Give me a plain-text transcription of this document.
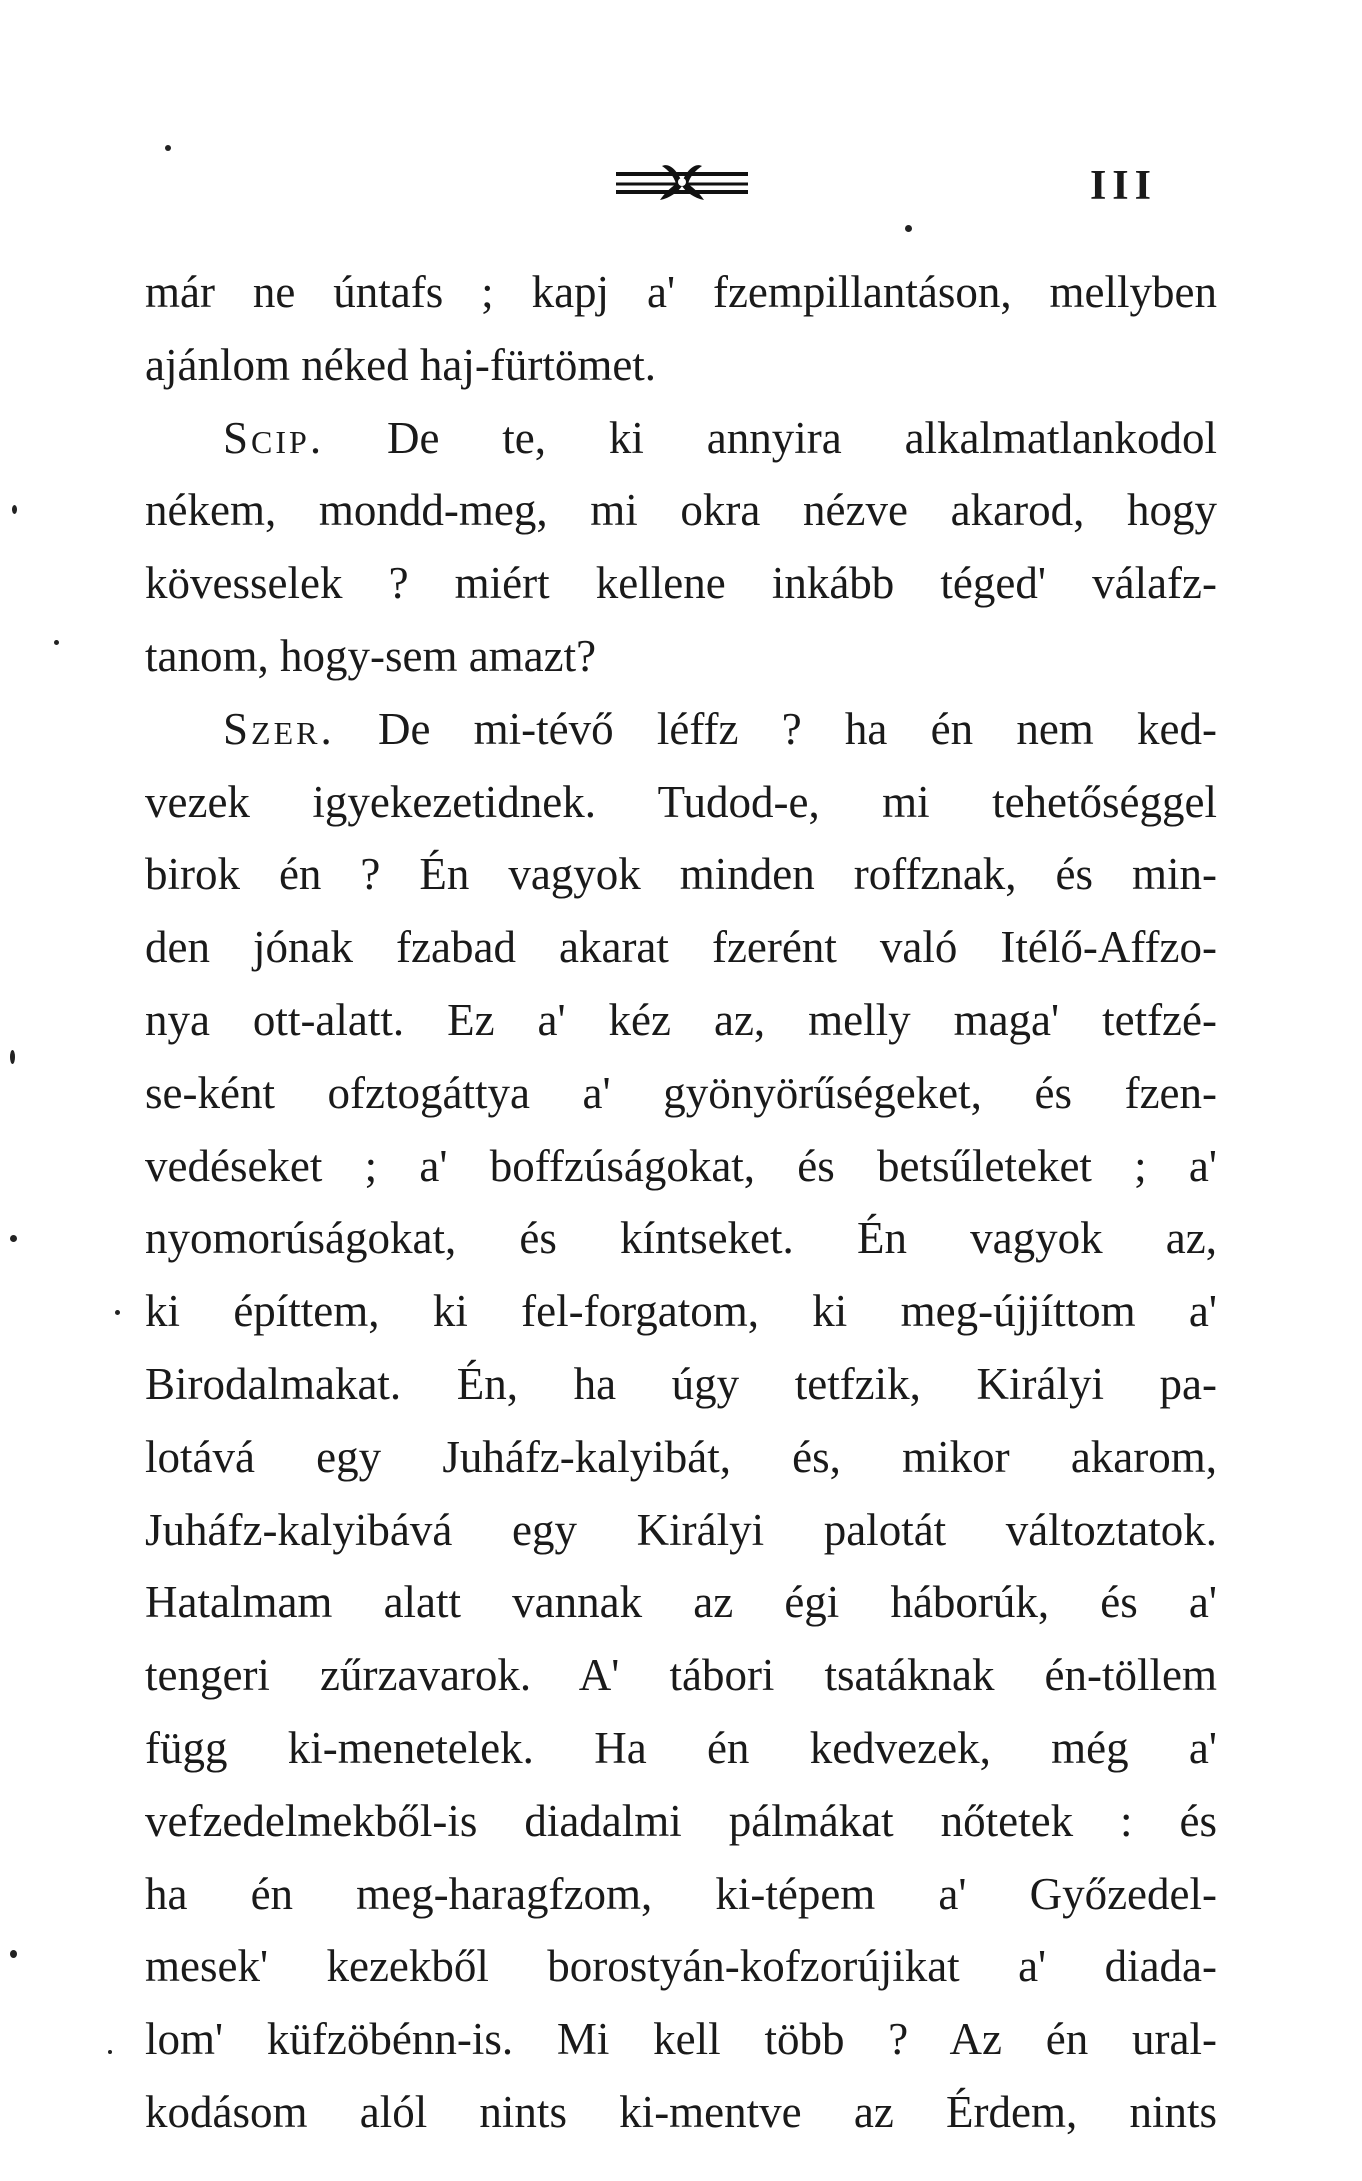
III
már ne úntafs ; kapj a' fzempillantáson, mellyben
ajánlom néked haj-fürtömet.
Scip. De te, ki annyira alkalmatlankodol
nékem, mondd-meg, mi okra nézve akarod, hogy
kövesselek ? miért kellene inkább téged' válafz-
tanom, hogy-sem amazt?
Szer. De mi-tévő léffz ? ha én nem ked-
vezek igyekezetidnek. Tudod-e, mi tehetőséggel
birok én ? Én vagyok minden roffznak, és min-
den jónak fzabad akarat fzerént való Itélő-Affzo-
nya ott-alatt. Ez a' kéz az, melly maga' tetfzé-
se-ként ofztogáttya a' gyönyörűségeket, és fzen-
vedéseket ; a' boffzúságokat, és betsűleteket ; a'
nyomorúságokat, és kíntseket. Én vagyok az,
ki építtem, ki fel-forgatom, ki meg-újjíttom a'
Birodalmakat. Én, ha úgy tetfzik, Királyi pa-
lotává egy Juháfz-kalyibát, és, mikor akarom,
Juháfz-kalyibává egy Királyi palotát változtatok.
Hatalmam alatt vannak az égi háborúk, és a'
tengeri zűrzavarok. A' tábori tsatáknak én-töllem
függ ki-menetelek. Ha én kedvezek, még a'
vefzedelmekből-is diadalmi pálmákat nőtetek : és
ha én meg-haragfzom, ki-tépem a' Győzedel-
mesek' kezekből borostyán-kofzorújikat a' diada-
lom' küfzöbénn-is. Mi kell több ? Az én ural-
kodásom alól nints ki-mentve az Érdem, nints
